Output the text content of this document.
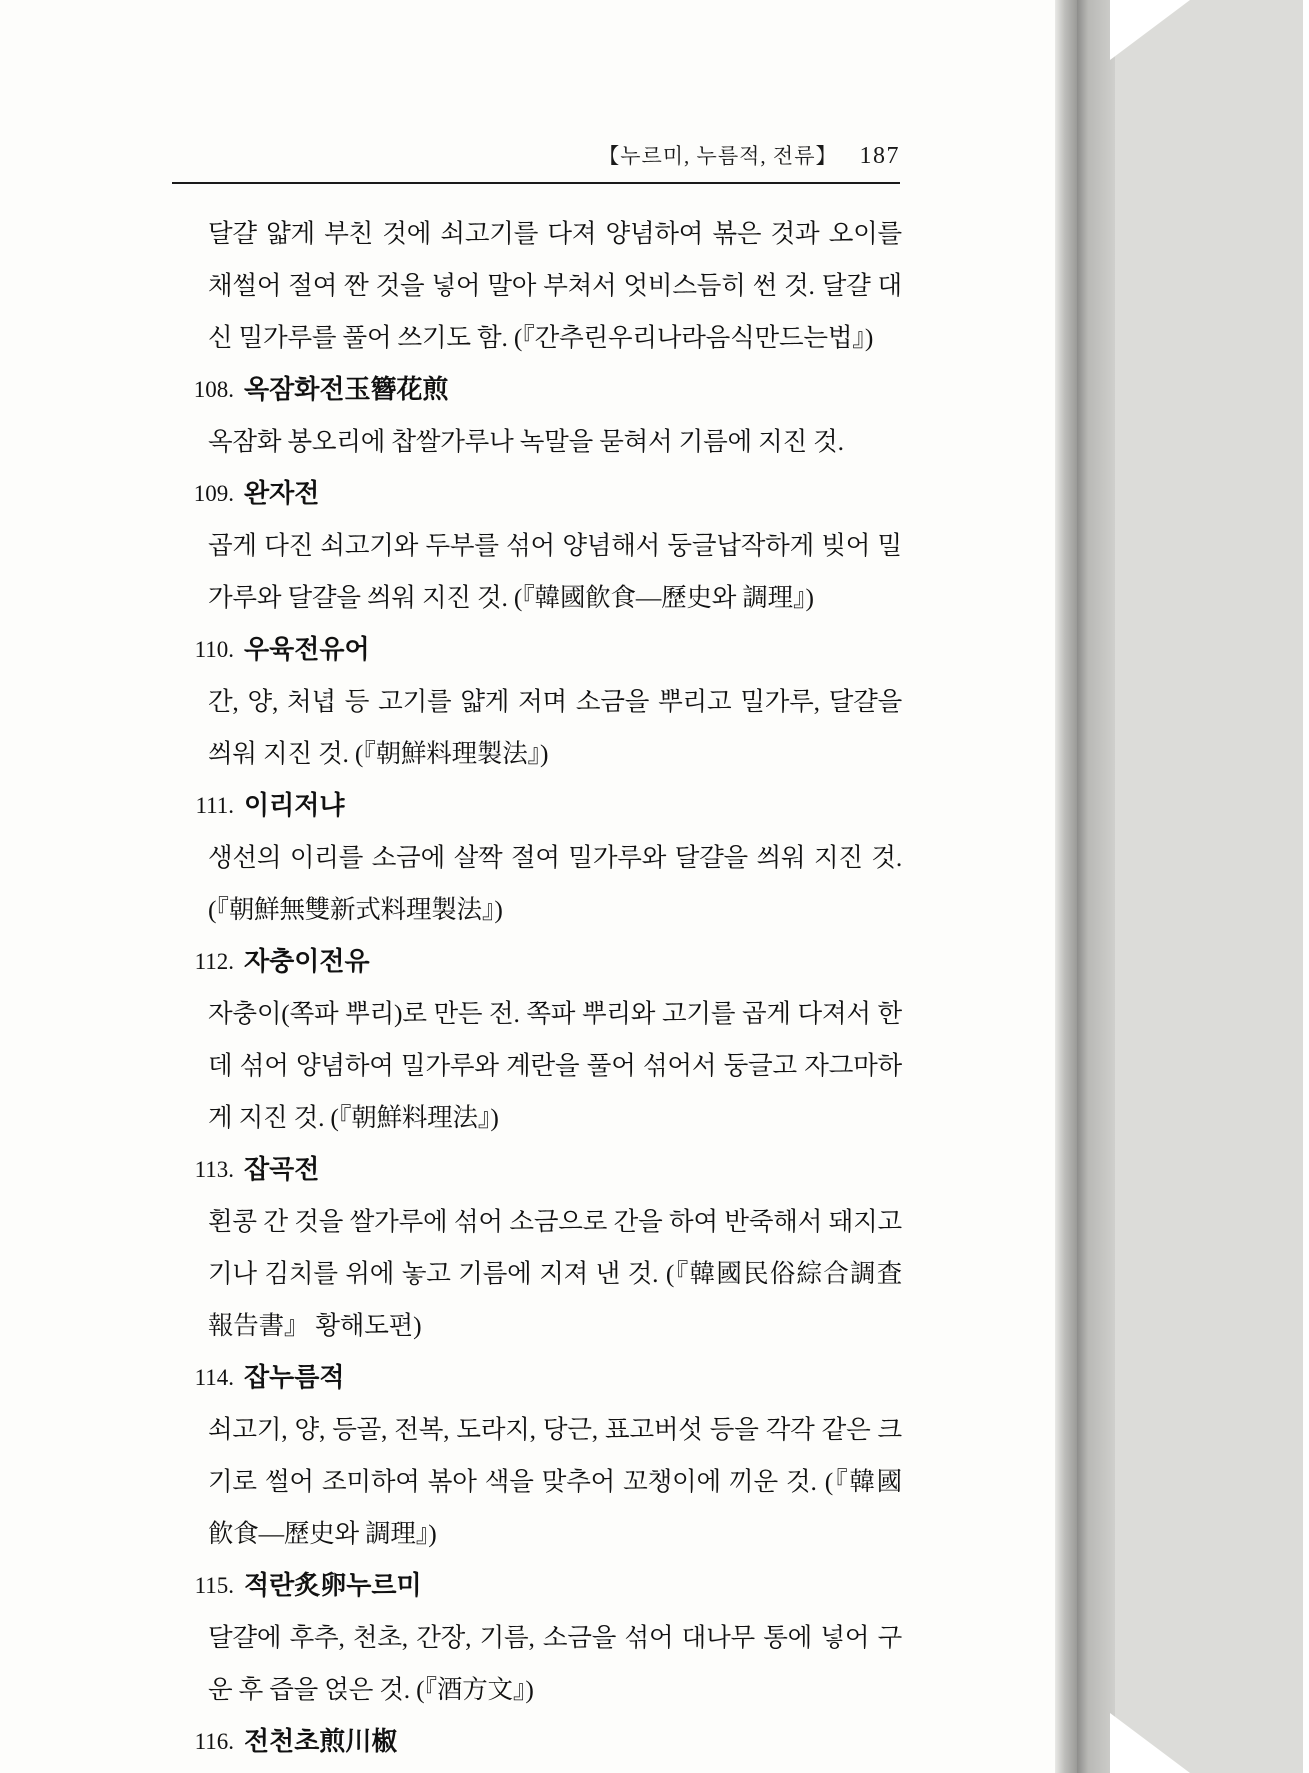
【누르미, 누름적, 전류】 187

달걀 얇게 부친 것에 쇠고기를 다져 양념하여 볶은 것과 오이를 채썰어 절여 짠 것을 넣어 말아 부쳐서 엇비스듬히 썬 것. 달걀 대신 밀가루를 풀어 쓰기도 함. (『간추린우리나라음식만드는법』)

108. 옥잠화전玉簪花煎

옥잠화 봉오리에 찹쌀가루나 녹말을 묻혀서 기름에 지진 것.

109. 완자전

곱게 다진 쇠고기와 두부를 섞어 양념해서 둥글납작하게 빚어 밀가루와 달걀을 씌워 지진 것. (『韓國飮食—歷史와 調理』)

110. 우육전유어

간, 양, 처녑 등 고기를 얇게 저며 소금을 뿌리고 밀가루, 달걀을 씌워 지진 것. (『朝鮮料理製法』)

111. 이리저냐

생선의 이리를 소금에 살짝 절여 밀가루와 달걀을 씌워 지진 것. (『朝鮮無雙新式料理製法』)

112. 자충이전유

자충이(쪽파 뿌리)로 만든 전. 쪽파 뿌리와 고기를 곱게 다져서 한데 섞어 양념하여 밀가루와 계란을 풀어 섞어서 둥글고 자그마하게 지진 것. (『朝鮮料理法』)

113. 잡곡전

횐콩 간 것을 쌀가루에 섞어 소금으로 간을 하여 반죽해서 돼지고기나 김치를 위에 놓고 기름에 지져 낸 것. (『韓國民俗綜合調査報告書』 황해도편)

114. 잡누름적

쇠고기, 양, 등골, 전복, 도라지, 당근, 표고버섯 등을 각각 같은 크기로 썰어 조미하여 볶아 색을 맞추어 꼬챙이에 끼운 것. (『韓國飮食—歷史와 調理』)

115. 적란炙卵누르미

달걀에 후추, 천초, 간장, 기름, 소금을 섞어 대나무 통에 넣어 구운 후 즙을 얹은 것. (『酒方文』)

116. 전천초煎川椒
